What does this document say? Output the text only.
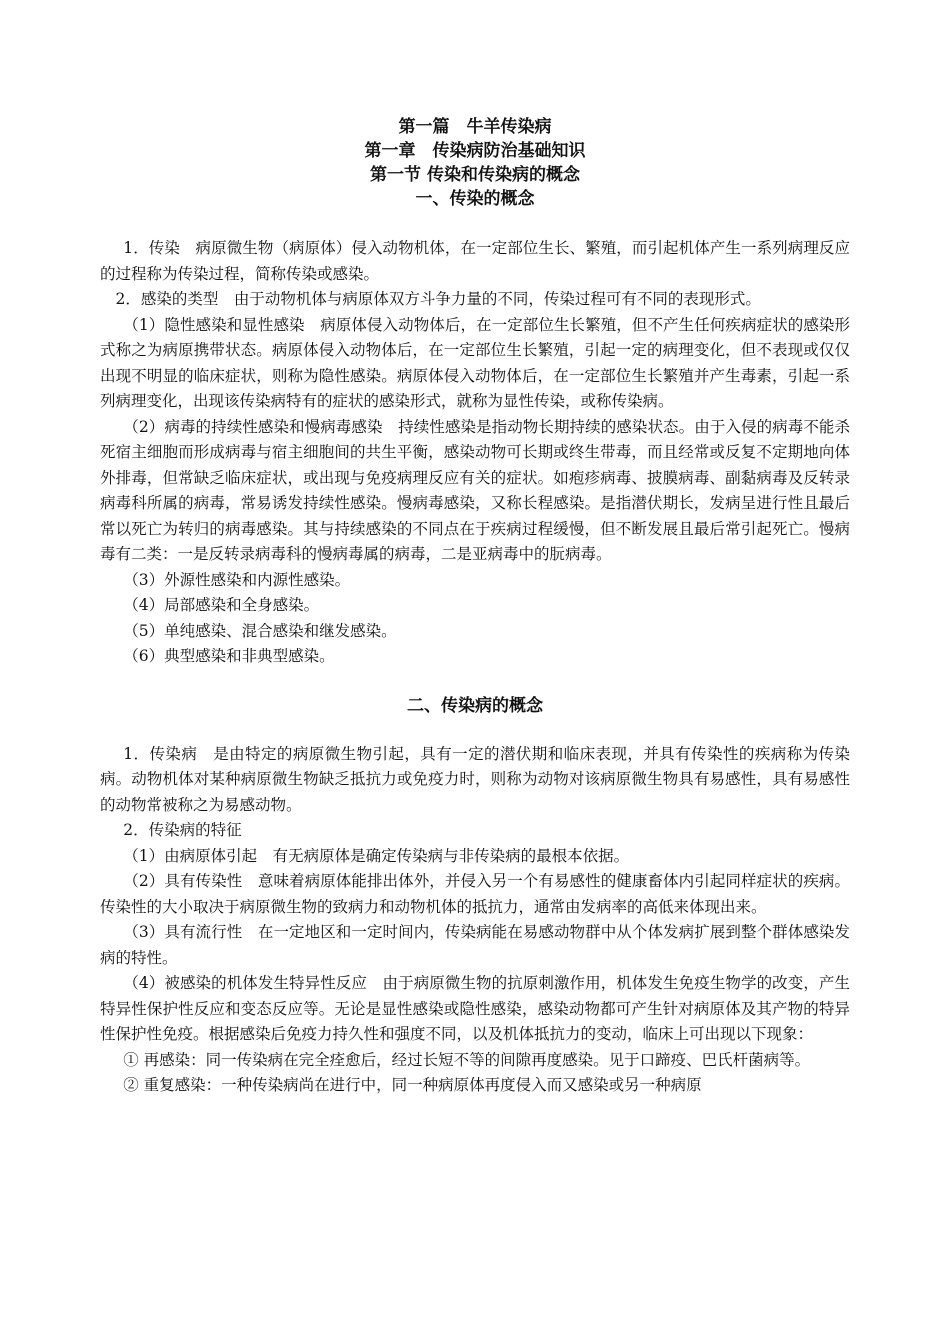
第一篇　牛羊传染病
第一章　传染病防治基础知识
第一节 传染和传染病的概念
一、传染的概念

1．传染　病原微生物（病原体）侵入动物机体，在一定部位生长、繁殖，而引起机体产生一系列病理反应的过程称为传染过程，简称传染或感染。

2．感染的类型　由于动物机体与病原体双方斗争力量的不同，传染过程可有不同的表现形式。

（1）隐性感染和显性感染　病原体侵入动物体后，在一定部位生长繁殖，但不产生任何疾病症状的感染形式称之为病原携带状态。病原体侵入动物体后，在一定部位生长繁殖，引起一定的病理变化，但不表现或仅仅出现不明显的临床症状，则称为隐性感染。病原体侵入动物体后，在一定部位生长繁殖并产生毒素，引起一系列病理变化，出现该传染病特有的症状的感染形式，就称为显性传染，或称传染病。

（2）病毒的持续性感染和慢病毒感染　持续性感染是指动物长期持续的感染状态。由于入侵的病毒不能杀死宿主细胞而形成病毒与宿主细胞间的共生平衡，感染动物可长期或终生带毒，而且经常或反复不定期地向体外排毒，但常缺乏临床症状，或出现与免疫病理反应有关的症状。如疱疹病毒、披膜病毒、副黏病毒及反转录病毒科所属的病毒，常易诱发持续性感染。慢病毒感染，又称长程感染。是指潜伏期长，发病呈进行性且最后常以死亡为转归的病毒感染。其与持续感染的不同点在于疾病过程缓慢，但不断发展且最后常引起死亡。慢病毒有二类：一是反转录病毒科的慢病毒属的病毒，二是亚病毒中的朊病毒。

（3）外源性感染和内源性感染。

（4）局部感染和全身感染。

（5）单纯感染、混合感染和继发感染。

（6）典型感染和非典型感染。

二、传染病的概念

1．传染病　是由特定的病原微生物引起，具有一定的潜伏期和临床表现，并具有传染性的疾病称为传染病。动物机体对某种病原微生物缺乏抵抗力或免疫力时，则称为动物对该病原微生物具有易感性，具有易感性的动物常被称之为易感动物。

2．传染病的特征

（1）由病原体引起　有无病原体是确定传染病与非传染病的最根本依据。

（2）具有传染性　意味着病原体能排出体外，并侵入另一个有易感性的健康畜体内引起同样症状的疾病。传染性的大小取决于病原微生物的致病力和动物机体的抵抗力，通常由发病率的高低来体现出来。

（3）具有流行性　在一定地区和一定时间内，传染病能在易感动物群中从个体发病扩展到整个群体感染发病的特性。

（4）被感染的机体发生特异性反应　由于病原微生物的抗原刺激作用，机体发生免疫生物学的改变，产生特异性保护性反应和变态反应等。无论是显性感染或隐性感染，感染动物都可产生针对病原体及其产物的特异性保护性免疫。根据感染后免疫力持久性和强度不同，以及机体抵抗力的变动，临床上可出现以下现象：

① 再感染：同一传染病在完全痊愈后，经过长短不等的间隙再度感染。见于口蹄疫、巴氏杆菌病等。

② 重复感染：一种传染病尚在进行中，同一种病原体再度侵入而又感染或另一种病原
